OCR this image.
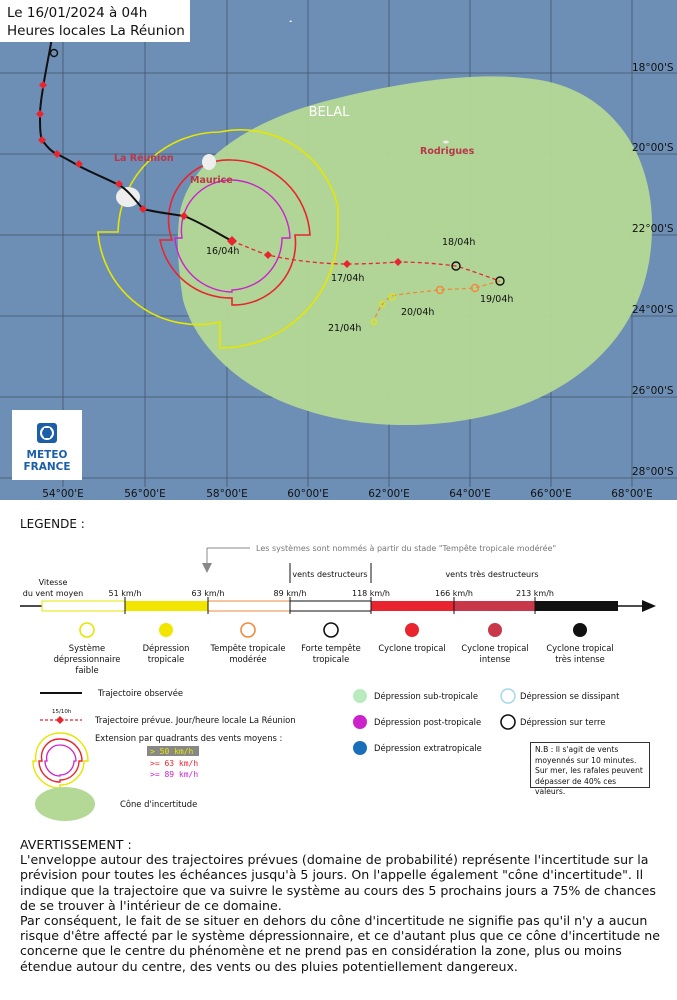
BELAL
La Réunion
Maurice
Rodrigues
16/04h
17/04h
18/04h
19/04h
20/04h
21/04h
18°00'S
20°00'S
22°00'S
24°00'S
26°00'S
28°00'S
54°00'E	56°00'E	58°00'E	60°00'E	62°00'E	64°00'E	66°00'E	68°00'E
Le 16/01/2024 à 04h
Heures locales La Réunion
METEO
FRANCE
LEGENDE :
Les systèmes sont nommés à partir du stade "Tempête tropicale modérée"
Vitesse
du vent moyen	51 km/h	63 km/h	89 km/h	118 km/h	166 km/h	213 km/h
vents destructeurs	vents très destructeurs
Système
dépressionnaire
faible
Dépression
tropicale
Tempête tropicale
modérée
Forte tempête
tropicale
Cyclone tropical Cyclone tropical
intense
Cyclone tropical
très intense
Trajectoire observée
15/10h
Trajectoire prévue. Jour/heure locale La Réunion
Extension par quadrants des vents moyens :
> 50 km/h
>= 63 km/h
>= 89 km/h
Cône d'incertitude
Dépression sub-tropicale
Dépression post-tropicale
Dépression extratropicale
Dépression se dissipant
Dépression sur terre
N.B : Il s'agit de vents
moyennés sur 10 minutes.
Sur mer, les rafales peuvent
dépasser de 40% ces valeurs.

AVERTISSEMENT :

L'enveloppe autour des trajectoires prévues (domaine de probabilité) représente l'incertitude sur la prévision pour toutes les échéances jusqu'à 5 jours. On l'appelle également "cône d'incertitude". Il indique que la trajectoire que va suivre le système au cours des 5 prochains jours a 75% de chances de se trouver à l'intérieur de ce domaine.

Par conséquent, le fait de se situer en dehors du cône d'incertitude ne signifie pas qu'il n'y a aucun risque d'être affecté par le système dépressionnaire, et ce d'autant plus que ce cône d'incertitude ne concerne que le centre du phénomène et ne prend pas en considération la zone, plus ou moins étendue autour du centre, des vents ou des pluies potentiellement dangereux.
